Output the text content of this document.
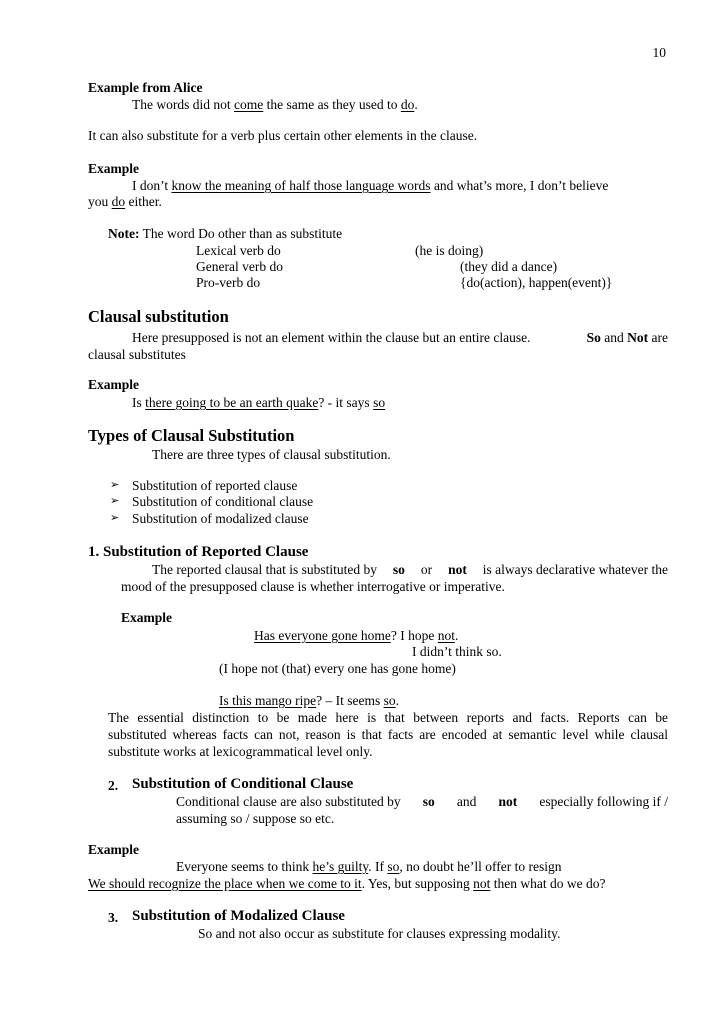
10
Example from Alice
The words did not come the same as they used to do.
It can also substitute for a verb plus certain other elements in the clause.
Example
I don’t know the meaning of half those language words and what’s more, I don’t believe
you do either.
Note: The word Do other than as substitute
Lexical verb do	(he is doing)
General verb do	(they did a dance)
Pro-verb do	{do(action), happen(event)}
Clausal substitution
Here presupposed is not an element within the clause but an entire clause.	So and Not are
clausal substitutes
Example
Is there going to be an earth quake? - it says so
Types of Clausal Substitution
There are three types of clausal substitution.
➢ Substitution of reported clause
➢ Substitution of conditional clause
➢ Substitution of modalized clause
1. Substitution of Reported Clause
The reported clausal that is substituted by so or not is always declarative whatever the
mood of the presupposed clause is whether interrogative or imperative.
Example
Has everyone gone home? I hope not.
I didn’t think so.
(I hope not (that) every one has gone home)
Is this mango ripe? – It seems so.
The essential distinction to be made here is that between reports and facts. Reports can be
substituted whereas facts can not, reason is that facts are encoded at semantic level while clausal
substitute works at lexicogrammatical level only.
2. Substitution of Conditional Clause
Conditional clause are also substituted by so and not especially following if /
assuming so / suppose so etc.
Example
Everyone seems to think he’s guilty. If so, no doubt he’ll offer to resign
We should recognize the place when we come to it. Yes, but supposing not then what do we do?
3. Substitution of Modalized Clause
So and not also occur as substitute for clauses expressing modality.
